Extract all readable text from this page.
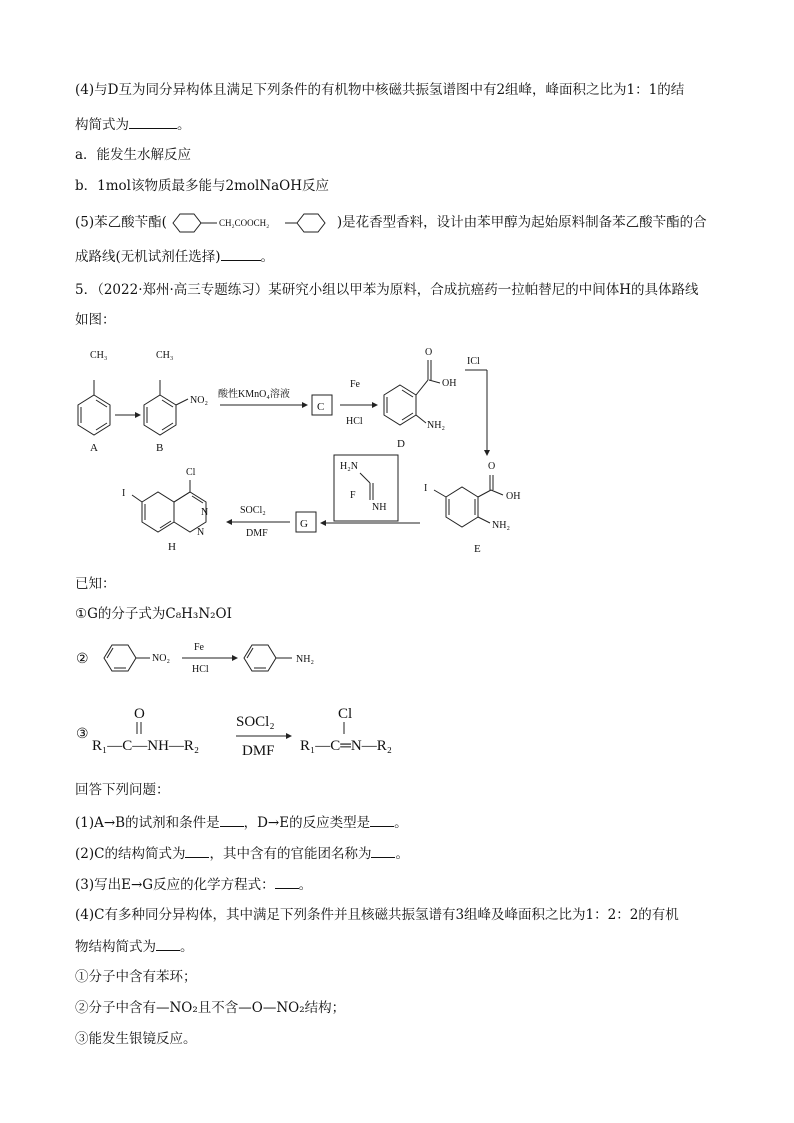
(4)与D互为同分异构体且满足下列条件的有机物中核磁共振氢谱图中有2组峰，峰面积之比为1：1的结
构简式为	。
a．能发生水解反应
b．1mol该物质最多能与2molNaOH反应
(5)苯乙酸苄酯(	CH₂COOCH₂	)是花香型香料，设计由苯甲醇为起始原料制备苯乙酸苄酯的合
成路线(无机试剂任选择)	。
5．（2022·郑州·高三专题练习）某研究小组以甲苯为原料，合成抗癌药一拉帕替尼的中间体H的具体路线
如图：
CH₃
A
CH₃
NO₂
B
酸性KMnO₄溶液
C
Fe
HCl
O
OH
NH₂
D
ICl
O
OH
I
NH₂
E
H₂N
NH
F
G
SOCl₂
DMF
Cl
N
N
I
H
已知：
①G的分子式为C₈H₃N₂OI
②	NO₂
Fe
HCl
NH₂
③
O
R₁—C—NH—R₂
SOCl₂
DMF
Cl
R₁—C═N—R₂
回答下列问题：
(1)A→B的试剂和条件是 ，D→E的反应类型是 。
(2)C的结构简式为 ，其中含有的官能团名称为 。
(3)写出E→G反应的化学方程式： 。
(4)C有多种同分异构体，其中满足下列条件并且核磁共振氢谱有3组峰及峰面积之比为1：2：2的有机
物结构简式为 。
①分子中含有苯环；
②分子中含有—NO₂且不含—O—NO₂结构；
③能发生银镜反应。
